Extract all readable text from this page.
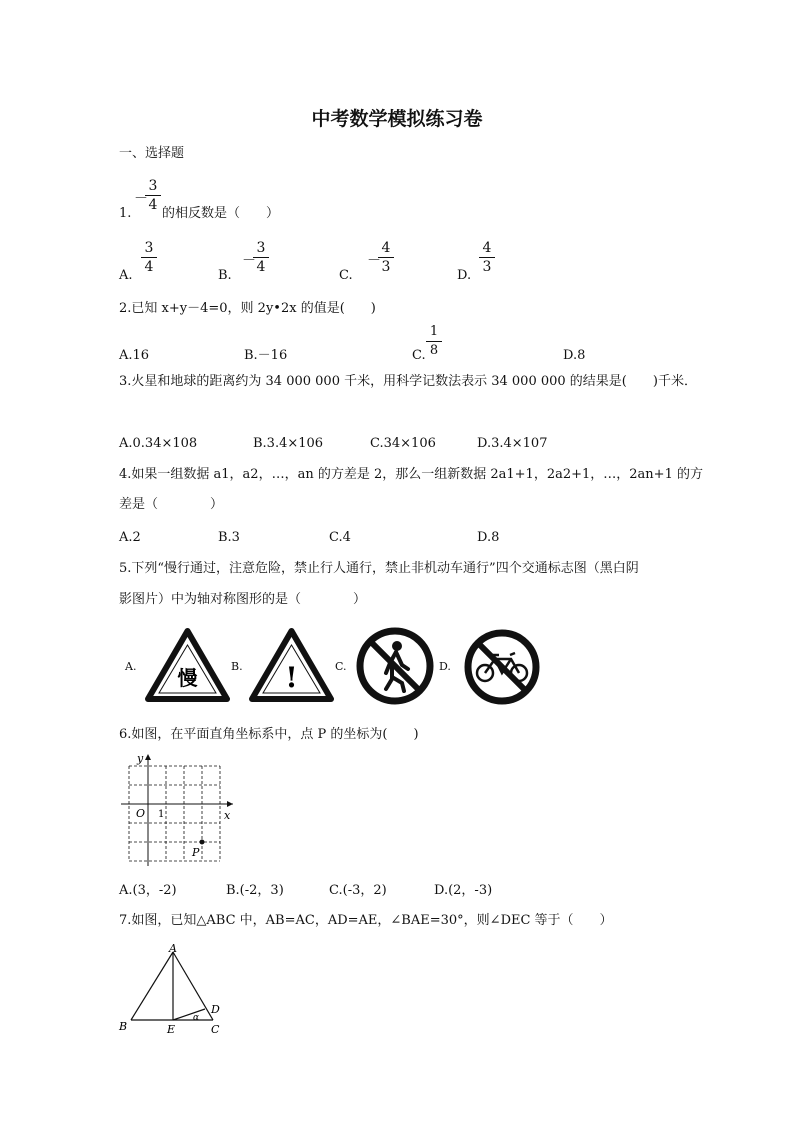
中考数学模拟练习卷
一、选择题
1.
－
3
4
的相反数是（　　）
A.
3
4
B.
－
3
4
C.
－
4
3
D.
4
3
2.已知 x+y－4=0，则 2y•2x 的值是(　　)
A.16	B.－16	C.
1
8	D.8
3.火星和地球的距离约为 34 000 000 千米，用科学记数法表示 34 000 000 的结果是(　　)千米．
A.0.34×108	B.3.4×106	C.34×106	D.3.4×107
4.如果一组数据 a1，a2，…，an 的方差是 2，那么一组新数据 2a1+1，2a2+1，…，2an+1 的方
差是（　　　　）
A.2	B.3	C.4	D.8
5.下列“慢行通过，注意危险，禁止行人通行，禁止非机动车通行”四个交通标志图（黑白阴
影图片）中为轴对称图形的是（　　　　）
A.	B.	C.	D.
慢	!
6.如图，在平面直角坐标系中，点 P 的坐标为(　　)
y
x
O 1
P
A.(3，-2)	B.(-2，3)	C.(-3，2)	D.(2，-3)
7.如图，已知△ABC 中，AB=AC，AD=AE，∠BAE=30°，则∠DEC 等于（　　）
A
B	C
D
E
α
